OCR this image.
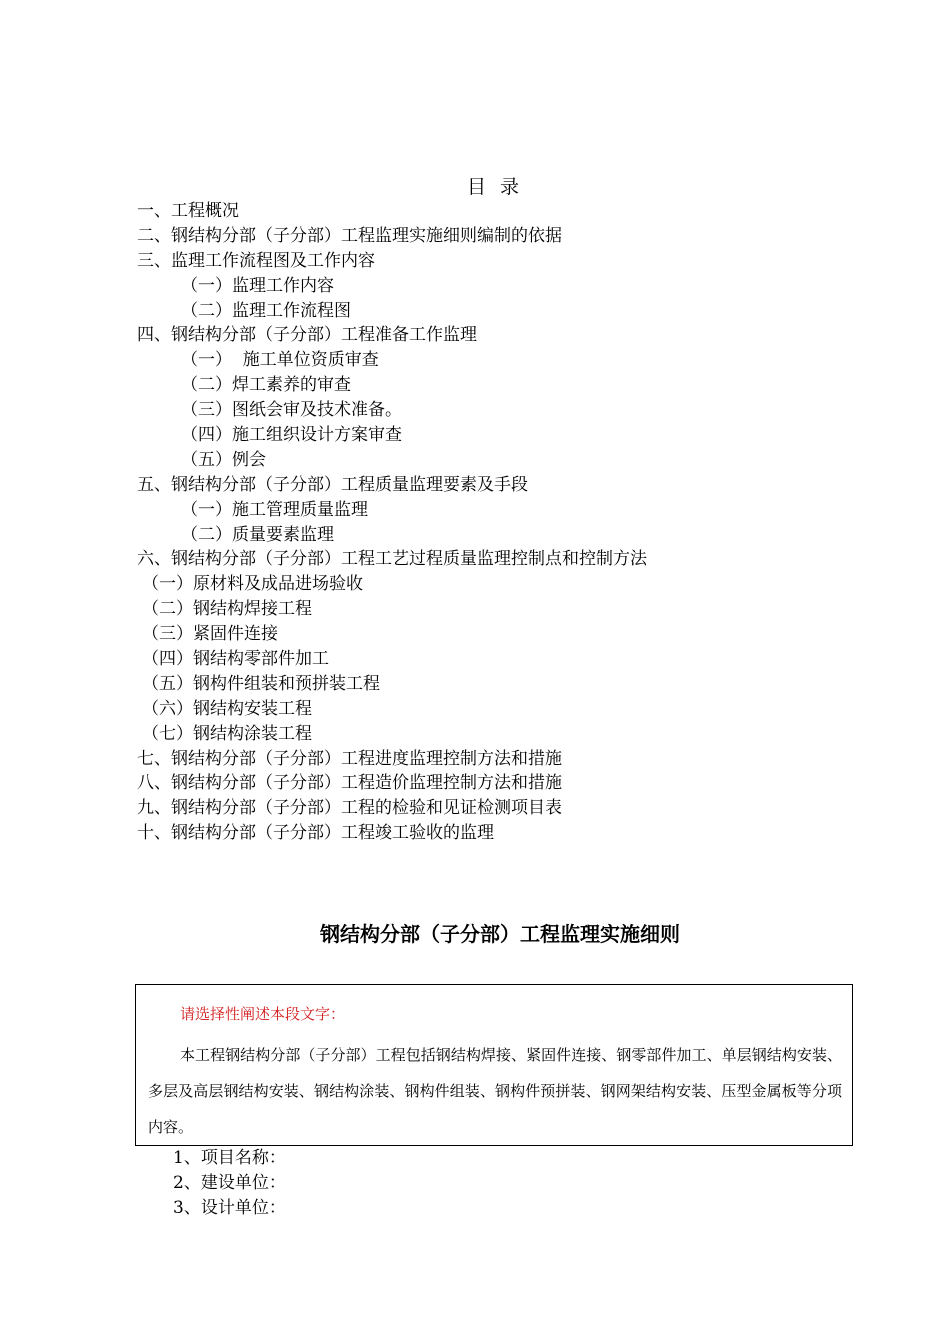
目录
一、工程概况
二、钢结构分部（子分部）工程监理实施细则编制的依据
三、监理工作流程图及工作内容
（一）监理工作内容
（二）监理工作流程图
四、钢结构分部（子分部）工程准备工作监理
（一）  施工单位资质审查
（二）焊工素养的审查
（三）图纸会审及技术准备。
（四）施工组织设计方案审查
（五）例会
五、钢结构分部（子分部）工程质量监理要素及手段
（一）施工管理质量监理
（二）质量要素监理
六、钢结构分部（子分部）工程工艺过程质量监理控制点和控制方法
（一）原材料及成品进场验收
（二）钢结构焊接工程
（三）紧固件连接
（四）钢结构零部件加工
（五）钢构件组装和预拼装工程
（六）钢结构安装工程
（七）钢结构涂装工程
七、钢结构分部（子分部）工程进度监理控制方法和措施
八、钢结构分部（子分部）工程造价监理控制方法和措施
九、钢结构分部（子分部）工程的检验和见证检测项目表
十、钢结构分部（子分部）工程竣工验收的监理
钢结构分部（子分部）工程监理实施细则
请选择性阐述本段文字：

本工程钢结构分部（子分部）工程包括钢结构焊接、紧固件连接、钢零部件加工、单层钢结构安装、多层及高层钢结构安装、钢结构涂装、钢构件组装、钢构件预拼装、钢网架结构安装、压型金属板等分项内容。

1、项目名称：
2、建设单位：
3、设计单位：
